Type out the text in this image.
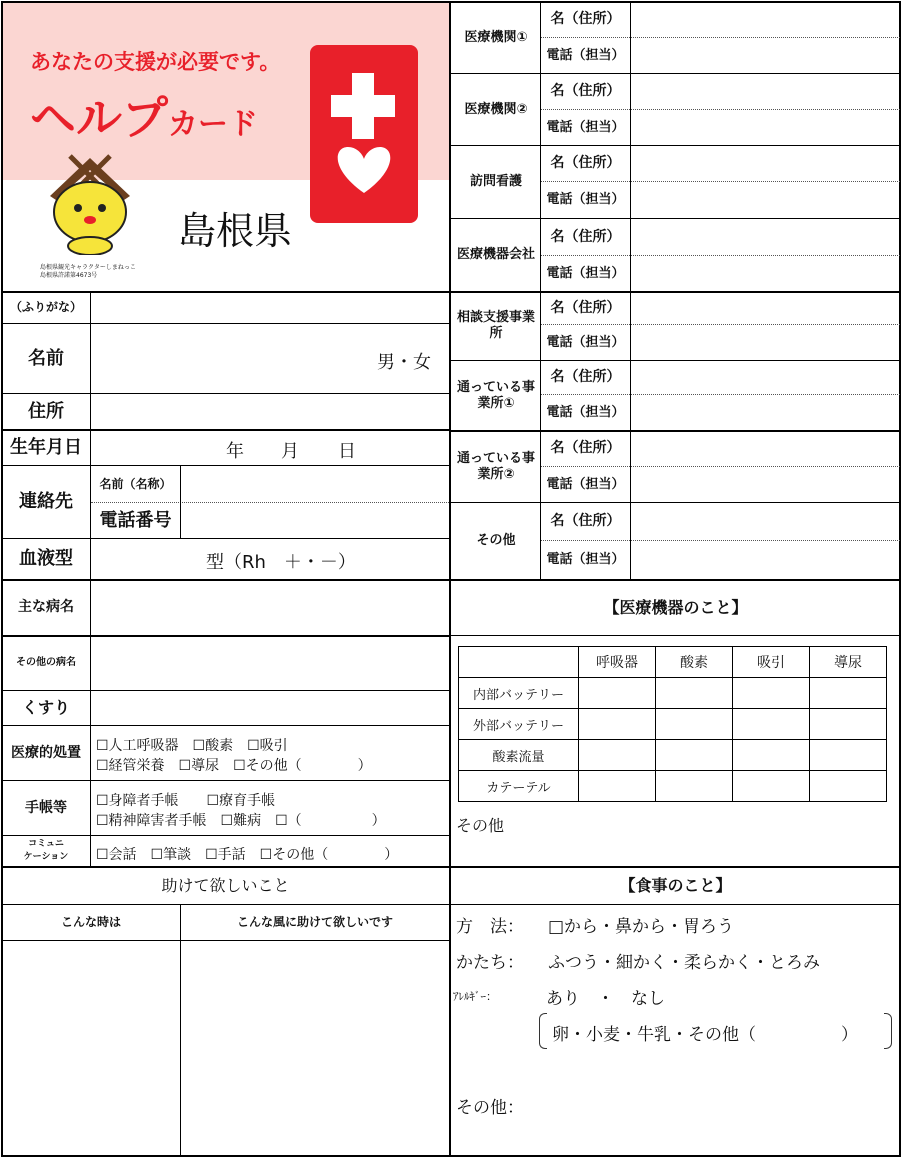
あなたの支援が必要です。
ヘルプカード
島根県
島根県観光キャラクターしまねっこ
島根県許諾第4673号
医療機関①
名（住所）
電話（担当）
医療機関②
名（住所）
電話（担当）
訪問看護
名（住所）
電話（担当）
医療機器会社
名（住所）
電話（担当）
相談支援事業所
名（住所）
電話（担当）
通っている事業所①
名（住所）
電話（担当）
通っている事業所②
名（住所）
電話（担当）
その他
名（住所）
電話（担当）
（ふりがな）
名前	男・女
住所
生年月日	年 月 日
連絡先
名前（名称）
電話番号
血液型	型（Rh　＋・－）
主な病名
その他の病名
くすり
医療的処置	☐人工呼吸器　☐酸素　☐吸引
☐経管栄養　☐導尿　☐その他（　　　　）
手帳等	☐身障者手帳　　☐療育手帳
☐精神障害者手帳　☐難病　☐（　　　　　）
コミュニ
ケーション	☐会話　☐筆談　☐手話　☐その他（　　　　）
【医療機器のこと】
	呼吸器	酸素	吸引	導尿
内部バッテリー				
外部バッテリー				
酸素流量				
カテーテル				
その他
助けて欲しいこと
こんな時は	こんな風に助けて欲しいです
【食事のこと】
方　法： □から・鼻から・胃ろう
かたち： ふつう・細かく・柔らかく・とろみ
ｱﾚﾙｷﾞｰ：	あり　・　なし
卵・小麦・牛乳・その他（　　　　　）
その他：
